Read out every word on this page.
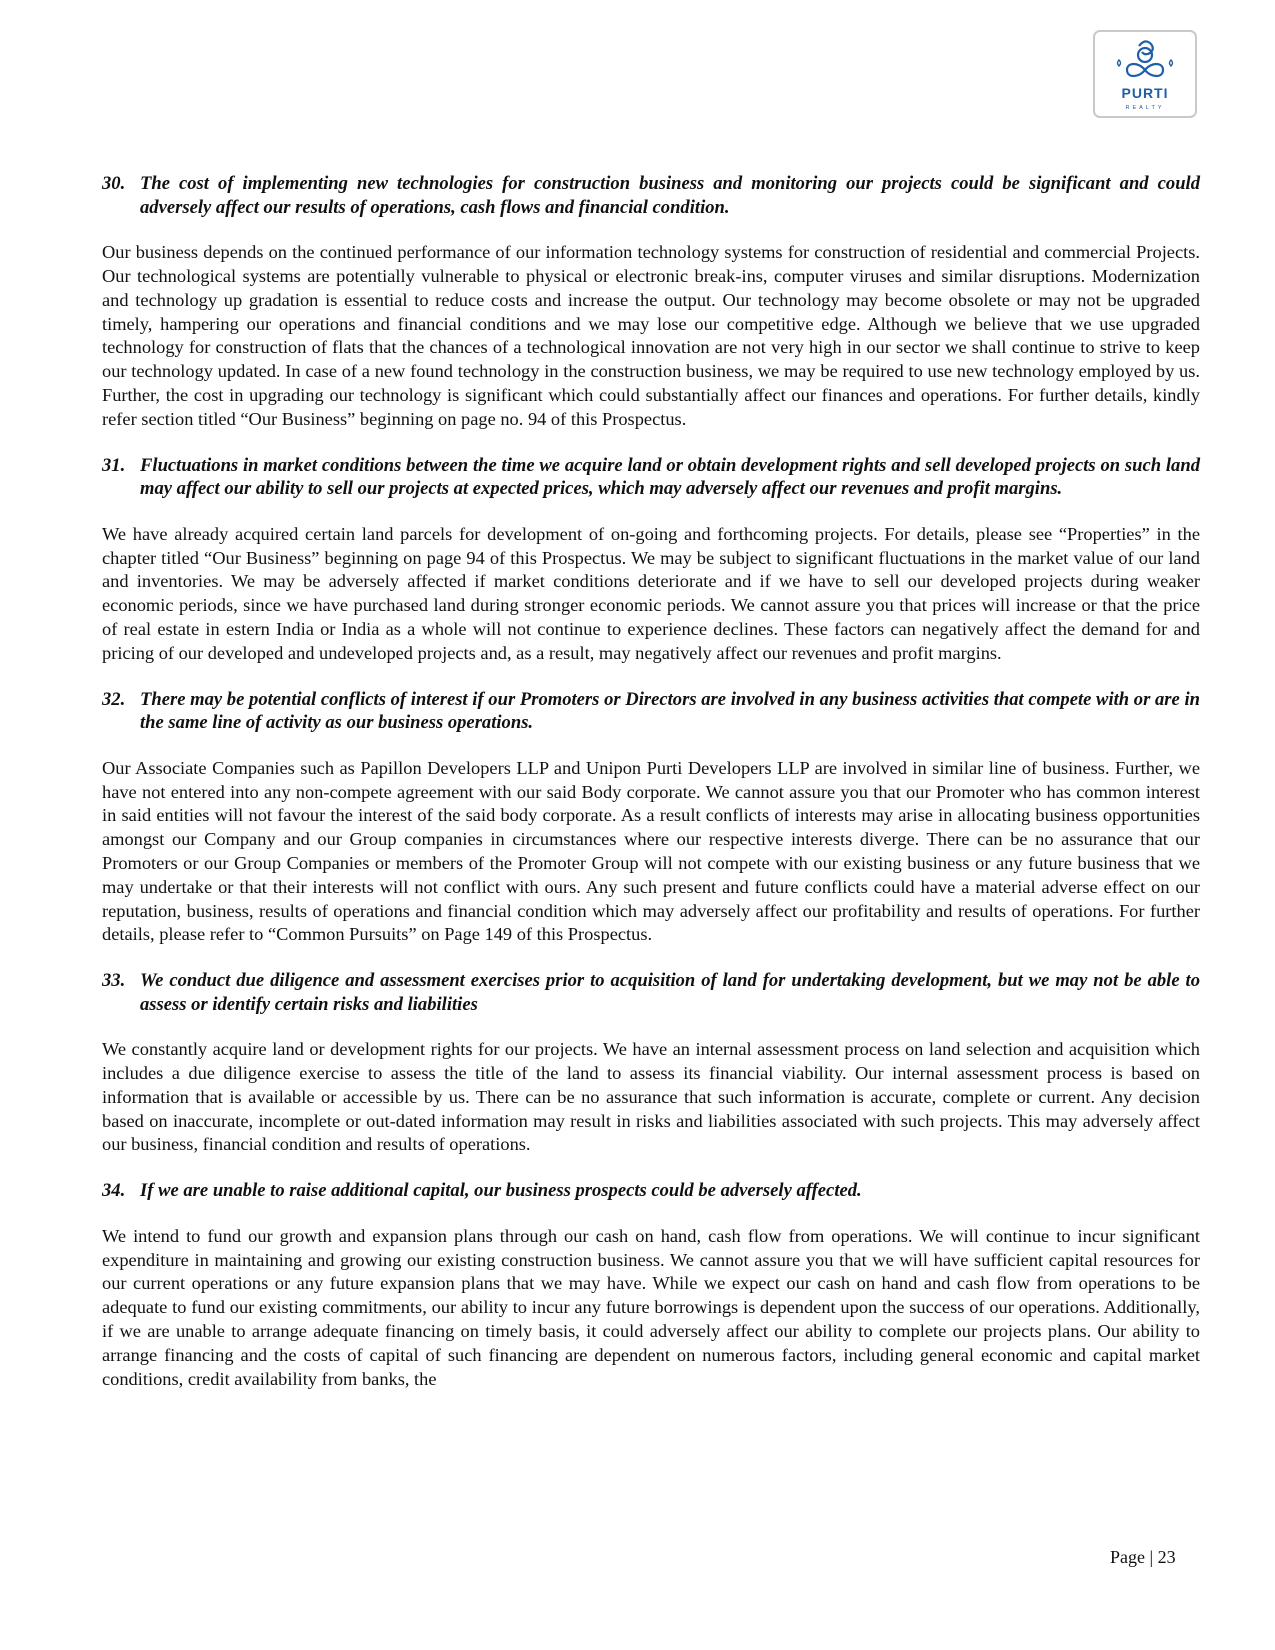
PURTI
REALTY
30. The cost of implementing new technologies for construction business and monitoring our projects could be significant and could adversely affect our results of operations, cash flows and financial condition.

Our business depends on the continued performance of our information technology systems for construction of residential and commercial Projects. Our technological systems are potentially vulnerable to physical or electronic break-ins, computer viruses and similar disruptions. Modernization and technology up gradation is essential to reduce costs and increase the output. Our technology may become obsolete or may not be upgraded timely, hampering our operations and financial conditions and we may lose our competitive edge. Although we believe that we use upgraded technology for construction of flats that the chances of a technological innovation are not very high in our sector we shall continue to strive to keep our technology updated. In case of a new found technology in the construction business, we may be required to use new technology employed by us. Further, the cost in upgrading our technology is significant which could substantially affect our finances and operations. For further details, kindly refer section titled “Our Business” beginning on page no. 94 of this Prospectus.

31. Fluctuations in market conditions between the time we acquire land or obtain development rights and sell developed projects on such land may affect our ability to sell our projects at expected prices, which may adversely affect our revenues and profit margins.

We have already acquired certain land parcels for development of on-going and forthcoming projects. For details, please see “Properties” in the chapter titled “Our Business” beginning on page 94 of this Prospectus. We may be subject to significant fluctuations in the market value of our land and inventories. We may be adversely affected if market conditions deteriorate and if we have to sell our developed projects during weaker economic periods, since we have purchased land during stronger economic periods. We cannot assure you that prices will increase or that the price of real estate in estern India or India as a whole will not continue to experience declines. These factors can negatively affect the demand for and pricing of our developed and undeveloped projects and, as a result, may negatively affect our revenues and profit margins.

32. There may be potential conflicts of interest if our Promoters or Directors are involved in any business activities that compete with or are in the same line of activity as our business operations.

Our Associate Companies such as Papillon Developers LLP and Unipon Purti Developers LLP are involved in similar line of business. Further, we have not entered into any non-compete agreement with our said Body corporate. We cannot assure you that our Promoter who has common interest in said entities will not favour the interest of the said body corporate. As a result conflicts of interests may arise in allocating business opportunities amongst our Company and our Group companies in circumstances where our respective interests diverge. There can be no assurance that our Promoters or our Group Companies or members of the Promoter Group will not compete with our existing business or any future business that we may undertake or that their interests will not conflict with ours. Any such present and future conflicts could have a material adverse effect on our reputation, business, results of operations and financial condition which may adversely affect our profitability and results of operations. For further details, please refer to “Common Pursuits” on Page 149 of this Prospectus.

33. We conduct due diligence and assessment exercises prior to acquisition of land for undertaking development, but we may not be able to assess or identify certain risks and liabilities

We constantly acquire land or development rights for our projects. We have an internal assessment process on land selection and acquisition which includes a due diligence exercise to assess the title of the land to assess its financial viability. Our internal assessment process is based on information that is available or accessible by us. There can be no assurance that such information is accurate, complete or current. Any decision based on inaccurate, incomplete or out-dated information may result in risks and liabilities associated with such projects. This may adversely affect our business, financial condition and results of operations.

34. If we are unable to raise additional capital, our business prospects could be adversely affected.

We intend to fund our growth and expansion plans through our cash on hand, cash flow from operations. We will continue to incur significant expenditure in maintaining and growing our existing construction business. We cannot assure you that we will have sufficient capital resources for our current operations or any future expansion plans that we may have. While we expect our cash on hand and cash flow from operations to be adequate to fund our existing commitments, our ability to incur any future borrowings is dependent upon the success of our operations. Additionally, if we are unable to arrange adequate financing on timely basis, it could adversely affect our ability to complete our projects plans. Our ability to arrange financing and the costs of capital of such financing are dependent on numerous factors, including general economic and capital market conditions, credit availability from banks, the

Page | 23
